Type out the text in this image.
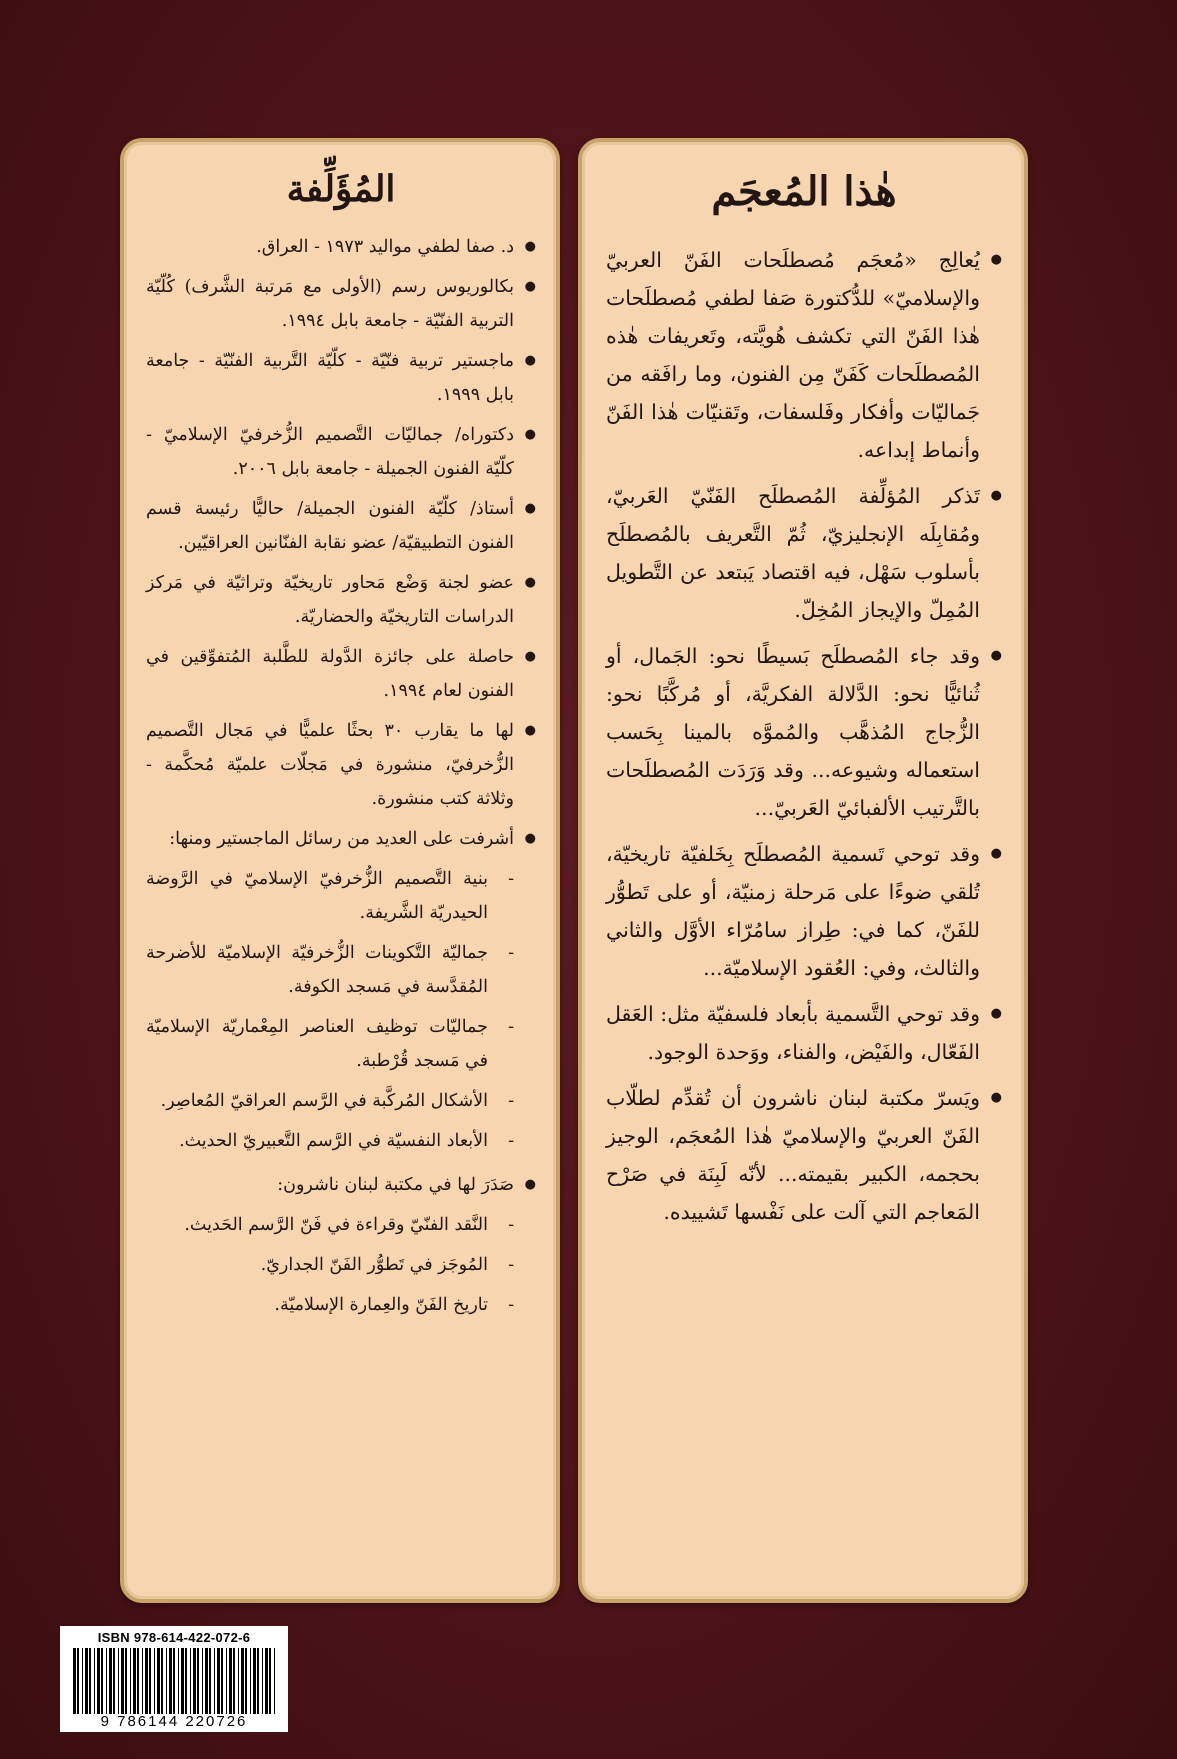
هٰذا المُعجَم
● يُعالِج «مُعجَم مُصطلَحات الفَنّ العربيّ والإسلاميّ» للدُّكتورة صَفا لطفي مُصطلَحات هٰذا الفَنّ التي تكشف هُويَّته، وتَعريفات هٰذه المُصطلَحات كَفَنّ مِن الفنون، وما رافَقه من جَماليّات وأفكار وفَلسفات، وتَقنيّات هٰذا الفَنّ وأنماط إبداعه.
● تَذكر المُؤلِّفة المُصطلَح الفَنّيّ العَربيّ، ومُقابِلَه الإنجليزيّ، ثُمّ التَّعريف بالمُصطلَح بأسلوب سَهْل، فيه اقتصاد يَبتعد عن التَّطويل المُمِلّ والإيجاز المُخِلّ.
● وقد جاء المُصطلَح بَسيطًا نحو: الجَمال، أو ثُنائيًّا نحو: الدَّلالة الفكريَّة، أو مُركَّبًا نحو: الزُّجاج المُذهَّب والمُموَّه بالمينا بِحَسب استعماله وشيوعه... وقد وَرَدَت المُصطلَحات بالتَّرتيب الألفبائيّ العَربيّ...
● وقد توحي تَسمية المُصطلَح بِخَلفيّة تاريخيّة، تُلقي ضوءًا على مَرحلة زمنيّة، أو على تَطوُّر للفَنّ، كما في: طِراز سامُرّاء الأوَّل والثاني والثالث، وفي: العُقود الإسلاميّة...
● وقد توحي التَّسمية بأبعاد فلسفيّة مثل: العَقل الفَعّال، والفَيْض، والفناء، ووَحدة الوجود.
● ويَسرّ مكتبة لبنان ناشرون أن تُقدِّم لطلّاب الفَنّ العربيّ والإسلاميّ هٰذا المُعجَم، الوجيز بحجمه، الكبير بقيمته... لأنّه لَبِنَة في صَرْح المَعاجم التي آلت على نَفْسها تَشييده.
المُؤَلِّفة
● د. صفا لطفي مواليد ١٩٧٣ - العراق.
● بكالوريوس رسم (الأولى مع مَرتبة الشَّرف) كُلّيّة التربية الفنّيّة - جامعة بابل ١٩٩٤.
● ماجستير تربية فنّيّة - كلّيّة التَّربية الفنّيّة - جامعة بابل ١٩٩٩.
● دكتوراه/ جماليّات التَّصميم الزُّخرفيّ الإسلاميّ - كلّيّة الفنون الجميلة - جامعة بابل ٢٠٠٦.
● أستاذ/ كلّيّة الفنون الجميلة/ حاليًّا رئيسة قسم الفنون التطبيقيّة/ عضو نقابة الفنّانين العراقيّين.
● عضو لجنة وَضْع مَحاور تاريخيّة وتراثيّة في مَركز الدراسات التاريخيّة والحضاريّة.
● حاصلة على جائزة الدَّولة للطَّلبة المُتفوِّقين في الفنون لعام ١٩٩٤.
● لها ما يقارب ٣٠ بحثًا علميًّا في مَجال التَّصميم الزُّخرفيّ، منشورة في مَجلّات علميّة مُحكَّمة - وثلاثة كتب منشورة.
● أشرفت على العديد من رسائل الماجستير ومنها:
- بنية التَّصميم الزُّخرفيّ الإسلاميّ في الرَّوضة الحيدريّة الشَّريفة.
- جماليّة التَّكوينات الزُّخرفيّة الإسلاميّة للأضرحة المُقدَّسة في مَسجد الكوفة.
- جماليّات توظيف العناصر المِعْماريّة الإسلاميّة في مَسجد قُرْطبة.
- الأشكال المُركَّبة في الرَّسم العراقيّ المُعاصِر.
- الأبعاد النفسيّة في الرَّسم التَّعبيريّ الحديث.
● صَدَرَ لها في مكتبة لبنان ناشرون:
- النَّقد الفنّيّ وقراءة في فَنّ الرَّسم الحَديث.
- المُوجَز في تَطوُّر الفَنّ الجداريّ.
- تاريخ الفَنّ والعِمارة الإسلاميّة.
ISBN 978-614-422-072-6
9 786144 220726
